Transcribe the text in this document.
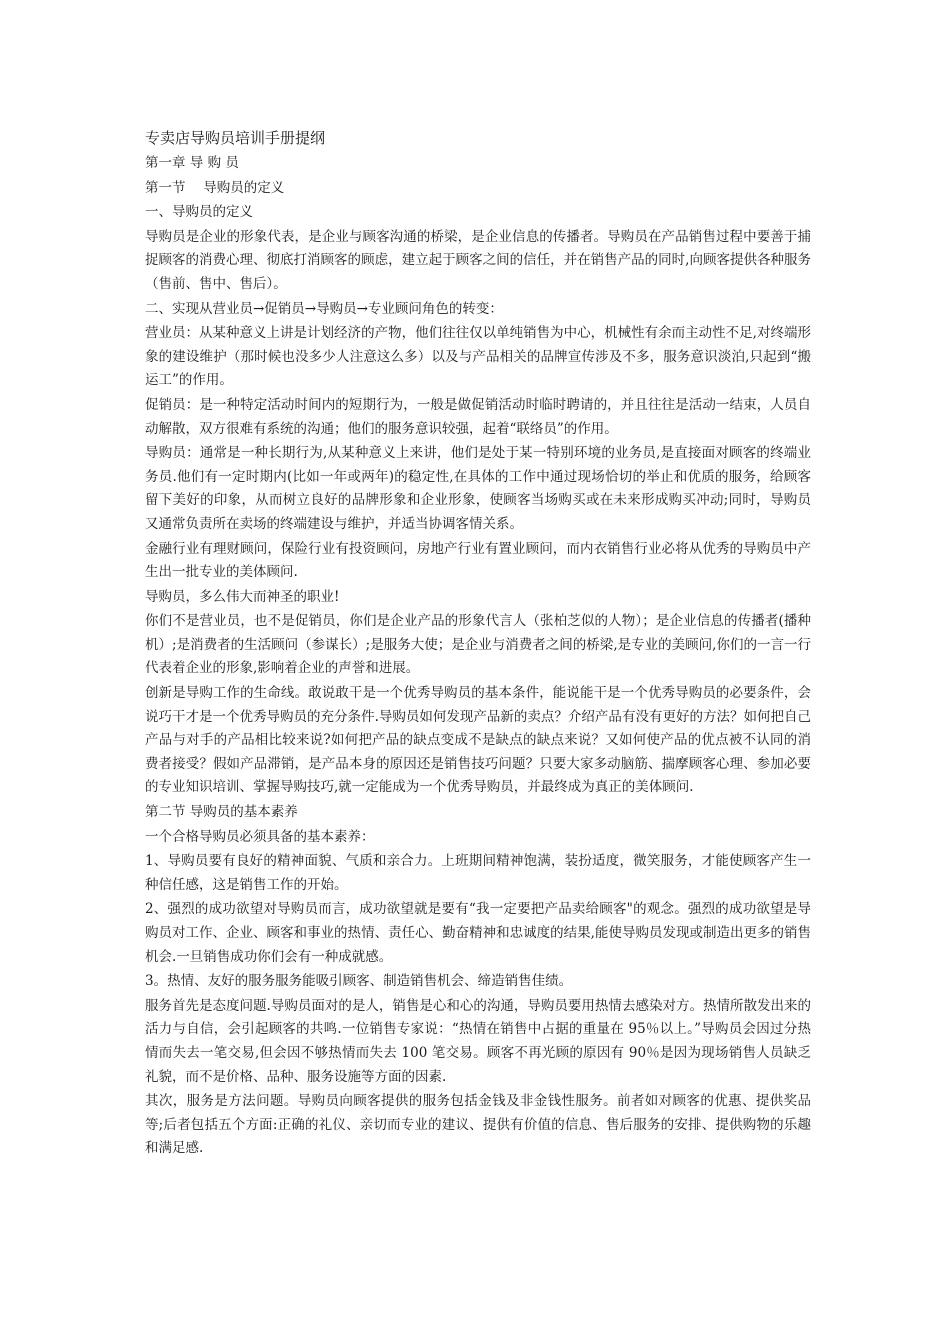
专卖店导购员培训手册提纲

第一章 导 购 员

第一节　 导购员的定义

一、导购员的定义

导购员是企业的形象代表，是企业与顾客沟通的桥梁，是企业信息的传播者。导购员在产品销售过程中要善于捕捉顾客的消费心理、彻底打消顾客的顾虑，建立起于顾客之间的信任，并在销售产品的同时,向顾客提供各种服务（售前、售中、售后）。

二、实现从营业员→促销员→导购员→专业顾问角色的转变：

营业员：从某种意义上讲是计划经济的产物，他们往往仅以单纯销售为中心，机械性有余而主动性不足,对终端形象的建设维护（那时候也没多少人注意这么多）以及与产品相关的品牌宣传涉及不多，服务意识淡泊,只起到“搬运工”的作用。

促销员：是一种特定活动时间内的短期行为，一般是做促销活动时临时聘请的，并且往往是活动一结束，人员自动解散，双方很难有系统的沟通；他们的服务意识较强，起着“联络员”的作用。

导购员：通常是一种长期行为,从某种意义上来讲，他们是处于某一特别环境的业务员,是直接面对顾客的终端业务员.他们有一定时期内(比如一年或两年)的稳定性,在具体的工作中通过现场恰切的举止和优质的服务，给顾客留下美好的印象，从而树立良好的品牌形象和企业形象，使顾客当场购买或在未来形成购买冲动;同时，导购员又通常负责所在卖场的终端建设与维护，并适当协调客情关系。

金融行业有理财顾问，保险行业有投资顾问，房地产行业有置业顾问，而内衣销售行业必将从优秀的导购员中产生出一批专业的美体顾问.

导购员，多么伟大而神圣的职业!

你们不是营业员，也不是促销员，你们是企业产品的形象代言人（张柏芝似的人物）；是企业信息的传播者(播种机）;是消费者的生活顾问（参谋长）;是服务大使；是企业与消费者之间的桥梁,是专业的美顾问,你们的一言一行代表着企业的形象,影响着企业的声誉和进展。

创新是导购工作的生命线。敢说敢干是一个优秀导购员的基本条件，能说能干是一个优秀导购员的必要条件，会说巧干才是一个优秀导购员的充分条件.导购员如何发现产品新的卖点？介绍产品有没有更好的方法？如何把自己产品与对手的产品相比较来说?如何把产品的缺点变成不是缺点的缺点来说？又如何使产品的优点被不认同的消费者接受？假如产品滞销，是产品本身的原因还是销售技巧问题？只要大家多动脑筋、揣摩顾客心理、参加必要的专业知识培训、掌握导购技巧,就一定能成为一个优秀导购员，并最终成为真正的美体顾问.

第二节 导购员的基本素养

一个合格导购员必须具备的基本素养：

1、导购员要有良好的精神面貌、气质和亲合力。上班期间精神饱满，装扮适度，微笑服务，才能使顾客产生一种信任感，这是销售工作的开始。

2、强烈的成功欲望对导购员而言，成功欲望就是要有“我一定要把产品卖给顾客"的观念。强烈的成功欲望是导购员对工作、企业、顾客和事业的热情、责任心、勤奋精神和忠诚度的结果,能使导购员发现或制造出更多的销售机会.一旦销售成功你们会有一种成就感。

3。热情、友好的服务服务能吸引顾客、制造销售机会、缔造销售佳绩。

服务首先是态度问题.导购员面对的是人，销售是心和心的沟通，导购员要用热情去感染对方。热情所散发出来的活力与自信，会引起顾客的共鸣.一位销售专家说：“热情在销售中占据的重量在 95％以上。”导购员会因过分热情而失去一笔交易,但会因不够热情而失去 100 笔交易。顾客不再光顾的原因有 90％是因为现场销售人员缺乏礼貌，而不是价格、品种、服务设施等方面的因素.

其次，服务是方法问题。导购员向顾客提供的服务包括金钱及非金钱性服务。前者如对顾客的优惠、提供奖品等;后者包括五个方面:正确的礼仪、亲切而专业的建议、提供有价值的信息、售后服务的安排、提供购物的乐趣和满足感.
